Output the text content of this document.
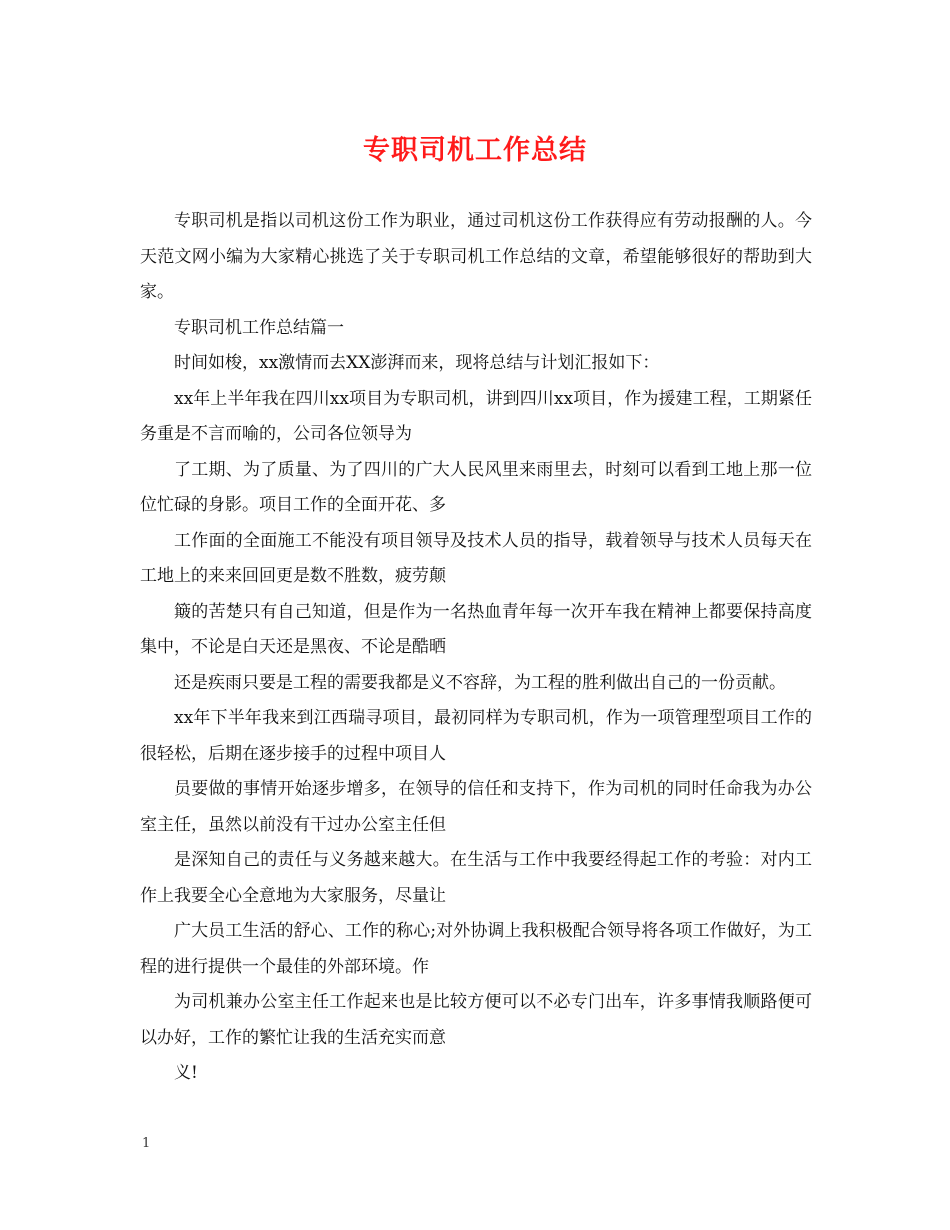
专职司机工作总结

专职司机是指以司机这份工作为职业，通过司机这份工作获得应有劳动报酬的人。今天范文网小编为大家精心挑选了关于专职司机工作总结的文章，希望能够很好的帮助到大家。

专职司机工作总结篇一

时间如梭，xx激情而去XX澎湃而来，现将总结与计划汇报如下：

xx年上半年我在四川xx项目为专职司机，讲到四川xx项目，作为援建工程，工期紧任务重是不言而喻的，公司各位领导为

了工期、为了质量、为了四川的广大人民风里来雨里去，时刻可以看到工地上那一位位忙碌的身影。项目工作的全面开花、多

工作面的全面施工不能没有项目领导及技术人员的指导，载着领导与技术人员每天在工地上的来来回回更是数不胜数，疲劳颠

簸的苦楚只有自己知道，但是作为一名热血青年每一次开车我在精神上都要保持高度集中，不论是白天还是黑夜、不论是酷晒

还是疾雨只要是工程的需要我都是义不容辞，为工程的胜利做出自己的一份贡献。

xx年下半年我来到江西瑞寻项目，最初同样为专职司机，作为一项管理型项目工作的很轻松，后期在逐步接手的过程中项目人

员要做的事情开始逐步增多，在领导的信任和支持下，作为司机的同时任命我为办公室主任，虽然以前没有干过办公室主任但

是深知自己的责任与义务越来越大。在生活与工作中我要经得起工作的考验：对内工作上我要全心全意地为大家服务，尽量让

广大员工生活的舒心、工作的称心;对外协调上我积极配合领导将各项工作做好，为工程的进行提供一个最佳的外部环境。作

为司机兼办公室主任工作起来也是比较方便可以不必专门出车，许多事情我顺路便可以办好，工作的繁忙让我的生活充实而意

义!

1
